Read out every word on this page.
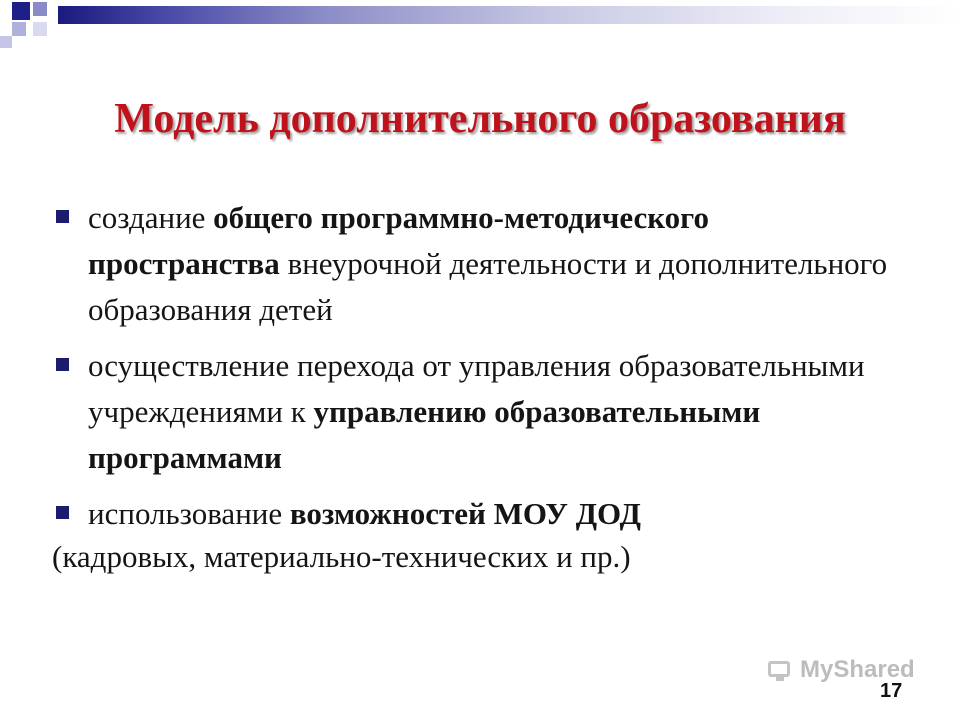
Модель дополнительного образования
создание общего программно-методического пространства внеурочной деятельности и дополнительного образования детей
осуществление перехода от управления образовательными учреждениями к управлению образовательными программами
использование возможностей МОУ ДОД
(кадровых, материально-технических и пр.)
MyShared
17
